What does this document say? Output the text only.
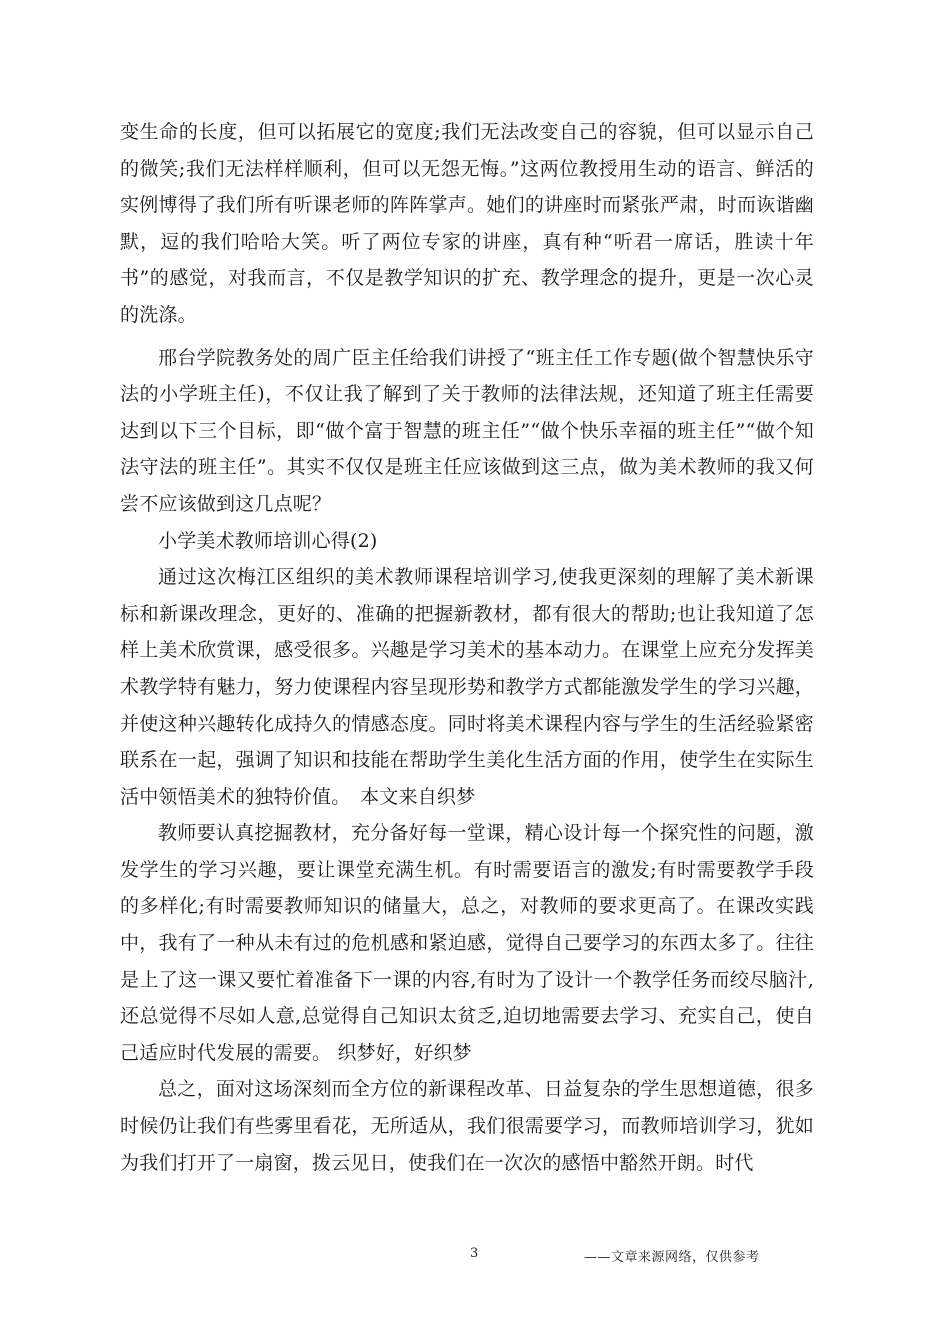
变生命的长度，但可以拓展它的宽度;我们无法改变自己的容貌，但可以显示自己的微笑;我们无法样样顺利，但可以无怨无悔。”这两位教授用生动的语言、鲜活的实例博得了我们所有听课老师的阵阵掌声。她们的讲座时而紧张严肃，时而诙谐幽默，逗的我们哈哈大笑。听了两位专家的讲座，真有种“听君一席话，胜读十年书”的感觉，对我而言，不仅是教学知识的扩充、教学理念的提升，更是一次心灵的洗涤。

邢台学院教务处的周广臣主任给我们讲授了“班主任工作专题(做个智慧快乐守法的小学班主任)，不仅让我了解到了关于教师的法律法规，还知道了班主任需要达到以下三个目标，即“做个富于智慧的班主任”“做个快乐幸福的班主任”“做个知法守法的班主任”。其实不仅仅是班主任应该做到这三点，做为美术教师的我又何尝不应该做到这几点呢？

小学美术教师培训心得(2)

通过这次梅江区组织的美术教师课程培训学习,使我更深刻的理解了美术新课标和新课改理念，更好的、准确的把握新教材，都有很大的帮助;也让我知道了怎样上美术欣赏课，感受很多。兴趣是学习美术的基本动力。在课堂上应充分发挥美术教学特有魅力，努力使课程内容呈现形势和教学方式都能激发学生的学习兴趣，并使这种兴趣转化成持久的情感态度。同时将美术课程内容与学生的生活经验紧密联系在一起，强调了知识和技能在帮助学生美化生活方面的作用，使学生在实际生活中领悟美术的独特价值。　本文来自织梦

教师要认真挖掘教材，充分备好每一堂课，精心设计每一个探究性的问题，激发学生的学习兴趣，要让课堂充满生机。有时需要语言的激发;有时需要教学手段的多样化;有时需要教师知识的储量大，总之，对教师的要求更高了。在课改实践中，我有了一种从未有过的危机感和紧迫感，觉得自己要学习的东西太多了。往往是上了这一课又要忙着准备下一课的内容,有时为了设计一个教学任务而绞尽脑汁,还总觉得不尽如人意,总觉得自己知识太贫乏,迫切地需要去学习、充实自己，使自己适应时代发展的需要。 织梦好，好织梦

总之，面对这场深刻而全方位的新课程改革、日益复杂的学生思想道德，很多时候仍让我们有些雾里看花，无所适从，我们很需要学习，而教师培训学习，犹如为我们打开了一扇窗，拨云见日，使我们在一次次的感悟中豁然开朗。时代

3	——文章来源网络，仅供参考
